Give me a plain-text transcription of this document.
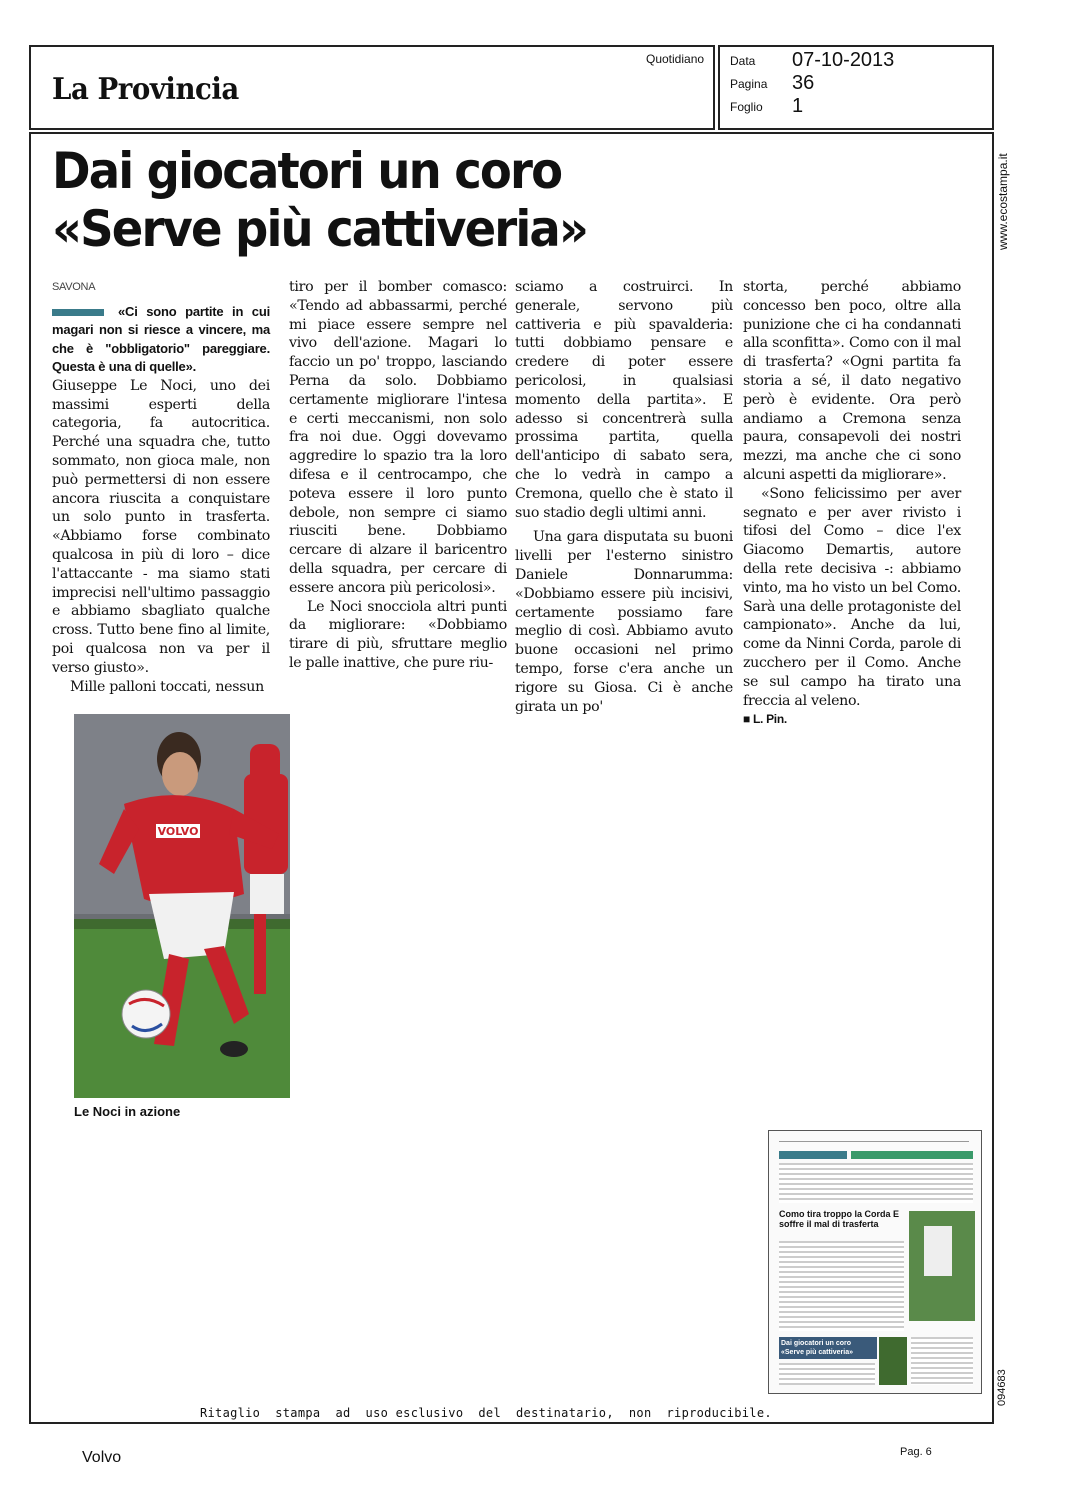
La Provincia
Quotidiano Data 07-10-2013
Pagina 36
Foglio 1
www.ecostampa.it
094683
Dai giocatori un coro
«Serve più cattiveria»
SAVONA
«Ci sono partite in cui magari non si riesce a vincere, ma che è "obbligatorio" pareggiare. Questa è una di quelle».

Giuseppe Le Noci, uno dei massimi esperti della categoria, fa autocritica. Perché una squadra che, tutto sommato, non gioca male, non può permettersi di non essere ancora riuscita a conquistare un solo punto in trasferta. «Abbiamo forse combinato qualcosa in più di loro – dice l'attaccante - ma siamo stati imprecisi nell'ultimo passaggio e abbiamo sbagliato qualche cross. Tutto bene fino al limite, poi qualcosa non va per il verso giusto».

Mille palloni toccati, nessun

tiro per il bomber comasco: «Tendo ad abbassarmi, perché mi piace essere sempre nel vivo dell'azione. Magari lo faccio un po' troppo, lasciando Perna da solo. Dobbiamo certamente migliorare l'intesa e certi meccanismi, non solo fra noi due. Oggi dovevamo aggredire lo spazio tra la loro difesa e il centrocampo, che poteva essere il loro punto debole, non sempre ci siamo riusciti bene. Dobbiamo cercare di alzare il baricentro della squadra, per cercare di essere ancora più pericolosi».

Le Noci snocciola altri punti da migliorare: «Dobbiamo tirare di più, sfruttare meglio le palle inattive, che pure riu-

sciamo a costruirci. In generale, servono più cattiveria e più spavalderia: tutti dobbiamo pensare e credere di poter essere pericolosi, in qualsiasi momento della partita». E adesso si concentrerà sulla prossima partita, quella dell'anticipo di sabato sera, che lo vedrà in campo a Cremona, quello che è stato il suo stadio degli ultimi anni.

Una gara disputata su buoni livelli per l'esterno sinistro Daniele Donnarumma: «Dobbiamo essere più incisivi, certamente possiamo fare meglio di così. Abbiamo avuto buone occasioni nel primo tempo, forse c'era anche un rigore su Giosa. Ci è anche girata un po'

storta, perché abbiamo concesso ben poco, oltre alla punizione che ci ha condannati alla sconfitta». Como con il mal di trasferta? «Ogni partita fa storia a sé, il dato negativo però è evidente. Ora però andiamo a Cremona senza paura, consapevoli dei nostri mezzi, ma anche che ci sono alcuni aspetti da migliorare».

«Sono felicissimo per aver segnato e per aver rivisto i tifosi del Como – dice l'ex Giacomo Demartis, autore della rete decisiva -: abbiamo vinto, ma ho visto un bel Como. Sarà una delle protagoniste del campionato». Anche da lui, come da Ninni Corda, parole di zucchero per il Como. Anche se sul campo ha tirato una freccia al veleno.

■ L. Pin.
VOLVO
Le Noci in azione
Como tira troppo la Corda E soffre il mal di trasferta
Dai giocatori un coro «Serve più cattiveria»
Ritaglio  stampa  ad  uso esclusivo  del  destinatario,  non  riproducibile.
Volvo	Pag. 6
